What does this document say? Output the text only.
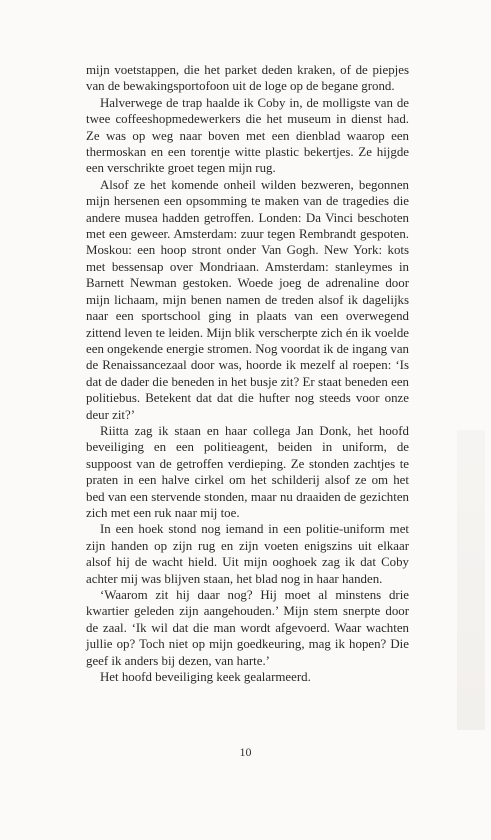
mijn voetstappen, die het parket deden kraken, of de piepjes van de bewakingsportofoon uit de loge op de begane grond.

Halverwege de trap haalde ik Coby in, de molligste van de twee coffeeshopmedewerkers die het museum in dienst had. Ze was op weg naar boven met een dienblad waarop een thermoskan en een torentje witte plastic bekertjes. Ze hijgde een verschrikte groet tegen mijn rug.

Alsof ze het komende onheil wilden bezweren, begonnen mijn hersenen een opsomming te maken van de tragedies die andere musea hadden getroffen. Londen: Da Vinci beschoten met een geweer. Amsterdam: zuur tegen Rembrandt gespoten. Moskou: een hoop stront onder Van Gogh. New York: kots met bessensap over Mondriaan. Amsterdam: stanleymes in Barnett Newman gestoken. Woede joeg de adrenaline door mijn lichaam, mijn benen namen de treden alsof ik dagelijks naar een sportschool ging in plaats van een overwegend zittend leven te leiden. Mijn blik verscherpte zich én ik voelde een ongekende energie stromen. Nog voordat ik de ingang van de Renaissancezaal door was, hoorde ik mezelf al roepen: ‘Is dat de dader die beneden in het busje zit? Er staat beneden een politiebus. Betekent dat dat die hufter nog steeds voor onze deur zit?’

Riitta zag ik staan en haar collega Jan Donk, het hoofd beveiliging en een politieagent, beiden in uniform, de suppoost van de getroffen verdieping. Ze stonden zachtjes te praten in een halve cirkel om het schilderij alsof ze om het bed van een stervende stonden, maar nu draaiden de gezichten zich met een ruk naar mij toe.

In een hoek stond nog iemand in een politie-uniform met zijn handen op zijn rug en zijn voeten enigszins uit elkaar alsof hij de wacht hield. Uit mijn ooghoek zag ik dat Coby achter mij was blijven staan, het blad nog in haar handen.

‘Waarom zit hij daar nog? Hij moet al minstens drie kwartier geleden zijn aangehouden.’ Mijn stem snerpte door de zaal. ‘Ik wil dat die man wordt afgevoerd. Waar wachten jullie op? Toch niet op mijn goedkeuring, mag ik hopen? Die geef ik anders bij dezen, van harte.’

Het hoofd beveiliging keek gealarmeerd.

10
